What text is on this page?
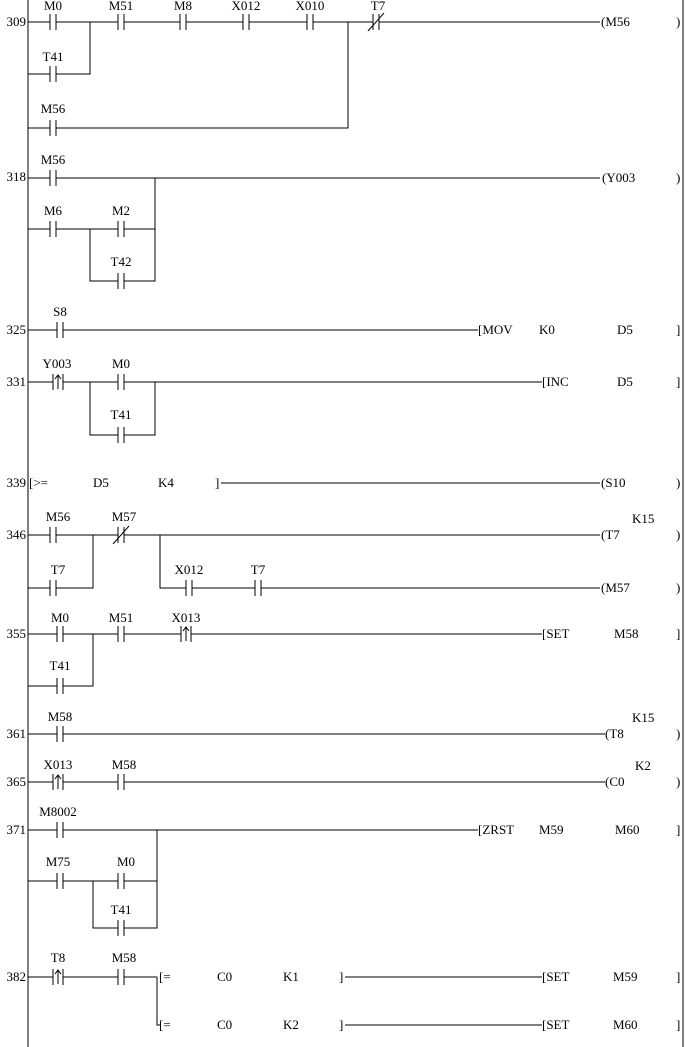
309
M0	M51	M8	X012	X010	T7
(M56	)
T41
M56
318
M56
(Y003	)
M6	M2
T42
325
S8
[MOV K0	D5	]
331
Y003	M0
[INC	D5	]
T41
339 [>=	D5	K4	]	(S10	)
346
M56	M57
(T7
K15
)
T7	X012	T7
(M57	)
355
M0	M51	X013
[SET	M58	]
T41
361
M58
(T8
K15
)
365
X013	M58
(C0
K2
)
371
M8002
[ZRST M59	M60	]
M75	M0
T41
382
T8	M58
[=	C0	K1	]	[SET	M59	]
[=	C0	K2	]	[SET	M60	]
